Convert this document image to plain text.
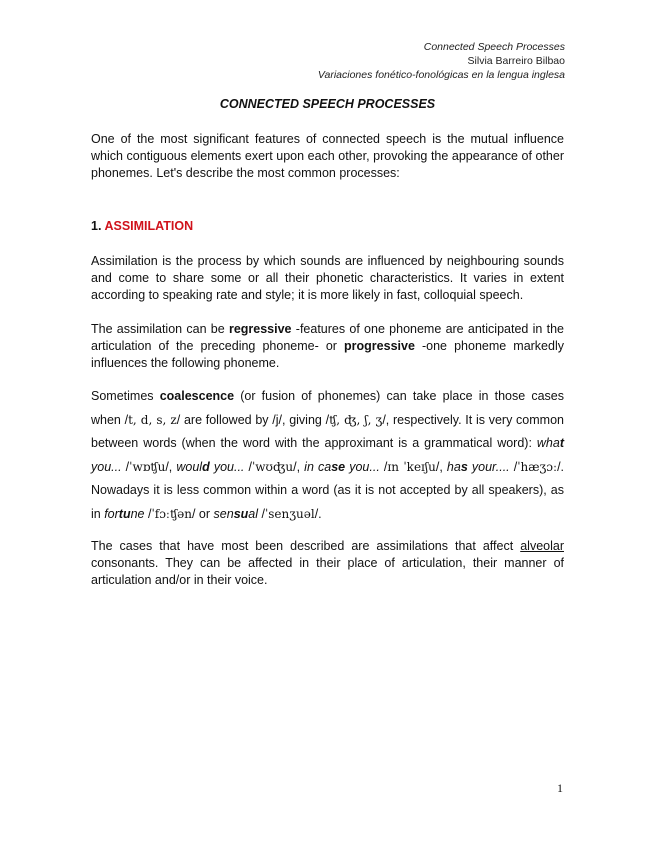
Connected Speech Processes
Silvia Barreiro Bilbao
Variaciones fonético-fonológicas en la lengua inglesa
CONNECTED SPEECH PROCESSES

One of the most significant features of connected speech is the mutual influence which contiguous elements exert upon each other, provoking the appearance of other phonemes. Let's describe the most common processes:

1. ASSIMILATION

Assimilation is the process by which sounds are influenced by neighbouring sounds and come to share some or all their phonetic characteristics. It varies in extent according to speaking rate and style; it is more likely in fast, colloquial speech.

The assimilation can be regressive -features of one phoneme are anticipated in the articulation of the preceding phoneme- or progressive -one phoneme markedly influences the following phoneme.

Sometimes coalescence (or fusion of phonemes) can take place in those cases when /t, d, s, z/ are followed by /j/, giving /ʧ, ʤ, ʃ, ʒ/, respectively. It is very common between words (when the word with the approximant is a grammatical word): what you... /ˈwɒʧu/, would you... /ˈwʊʤu/, in case you... /ɪn ˈkeɪʃu/, has your.... /ˈhæʒɔː/. Nowadays it is less common within a word (as it is not accepted by all speakers), as in fortune /ˈfɔːʧən/ or sensual /ˈsenʒuəl/.

The cases that have most been described are assimilations that affect alveolar consonants. They can be affected in their place of articulation, their manner of articulation and/or in their voice.

1
